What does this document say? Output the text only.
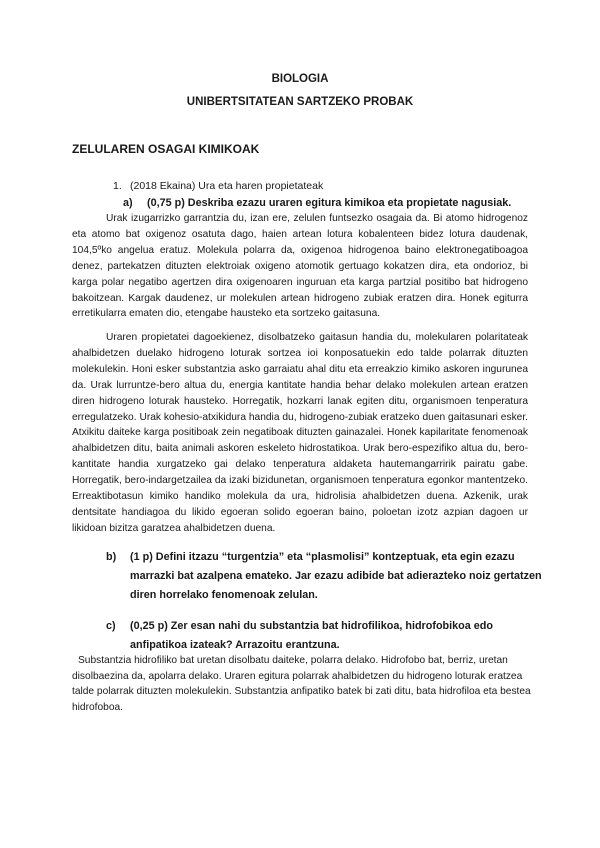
BIOLOGIA
UNIBERTSITATEAN SARTZEKO PROBAK
ZELULAREN OSAGAI KIMIKOAK
1. (2018 Ekaina) Ura eta haren propietateak
a) (0,75 p) Deskriba ezazu uraren egitura kimikoa eta propietate nagusiak.

Urak izugarrizko garrantzia du, izan ere, zelulen funtsezko osagaia da. Bi atomo hidrogenoz eta atomo bat oxigenoz osatuta dago, haien artean lotura kobalenteen bidez lotura daudenak, 104,5ºko angelua eratuz. Molekula polarra da, oxigenoa hidrogenoa baino elektronegatiboagoa denez, partekatzen dituzten elektroiak oxigeno atomotik gertuago kokatzen dira, eta ondorioz, bi karga polar negatibo agertzen dira oxigenoaren inguruan eta karga partzial positibo bat hidrogeno bakoitzean. Kargak daudenez, ur molekulen artean hidrogeno zubiak eratzen dira. Honek egiturra erretikularra ematen dio, etengabe hausteko eta sortzeko gaitasuna.

Uraren propietatei dagoekienez, disolbatzeko gaitasun handia du, molekularen polaritateak ahalbidetzen duelako hidrogeno loturak sortzea ioi konposatuekin edo talde polarrak dituzten molekulekin. Honi esker substantzia asko garraiatu ahal ditu eta erreakzio kimiko askoren ingurunea da. Urak lurruntze-bero altua du, energia kantitate handia behar delako molekulen artean eratzen diren hidrogeno loturak hausteko. Horregatik, hozkarri lanak egiten ditu, organismoen tenperatura erregulatzeko. Urak kohesio-atxikidura handia du, hidrogeno-zubiak eratzeko duen gaitasunari esker. Atxikitu daiteke karga positiboak zein negatiboak dituzten gainazalei. Honek kapilaritate fenomenoak ahalbidetzen ditu, baita animali askoren eskeleto hidrostatikoa. Urak bero-espezifiko altua du, bero-kantitate handia xurgatzeko gai delako tenperatura aldaketa hautemangarririk pairatu gabe. Horregatik, bero-indargetzailea da izaki bizidunetan, organismoen tenperatura egonkor mantentzeko. Erreaktibotasun kimiko handiko molekula da ura, hidrolisia ahalbidetzen duena. Azkenik, urak dentsitate handiagoa du likido egoeran solido egoeran baino, poloetan izotz azpian dagoen ur likidoan bizitza garatzea ahalbidetzen duena.

b) (1 p) Defini itzazu “turgentzia” eta “plasmolisi” kontzeptuak, eta egin ezazu marrazki bat azalpena emateko. Jar ezazu adibide bat adierazteko noiz gertatzen diren horrelako fenomenoak zelulan.
c) (0,25 p) Zer esan nahi du substantzia bat hidrofilikoa, hidrofobikoa edo anfipatikoa izateak? Arrazoitu erantzuna.

Substantzia hidrofiliko bat uretan disolbatu daiteke, polarra delako. Hidrofobo bat, berriz, uretan disolbaezina da, apolarra delako. Uraren egitura polarrak ahalbidetzen du hidrogeno loturak eratzea talde polarrak dituzten molekulekin. Substantzia anfipatiko batek bi zati ditu, bata hidrofiloa eta bestea hidrofoboa.
